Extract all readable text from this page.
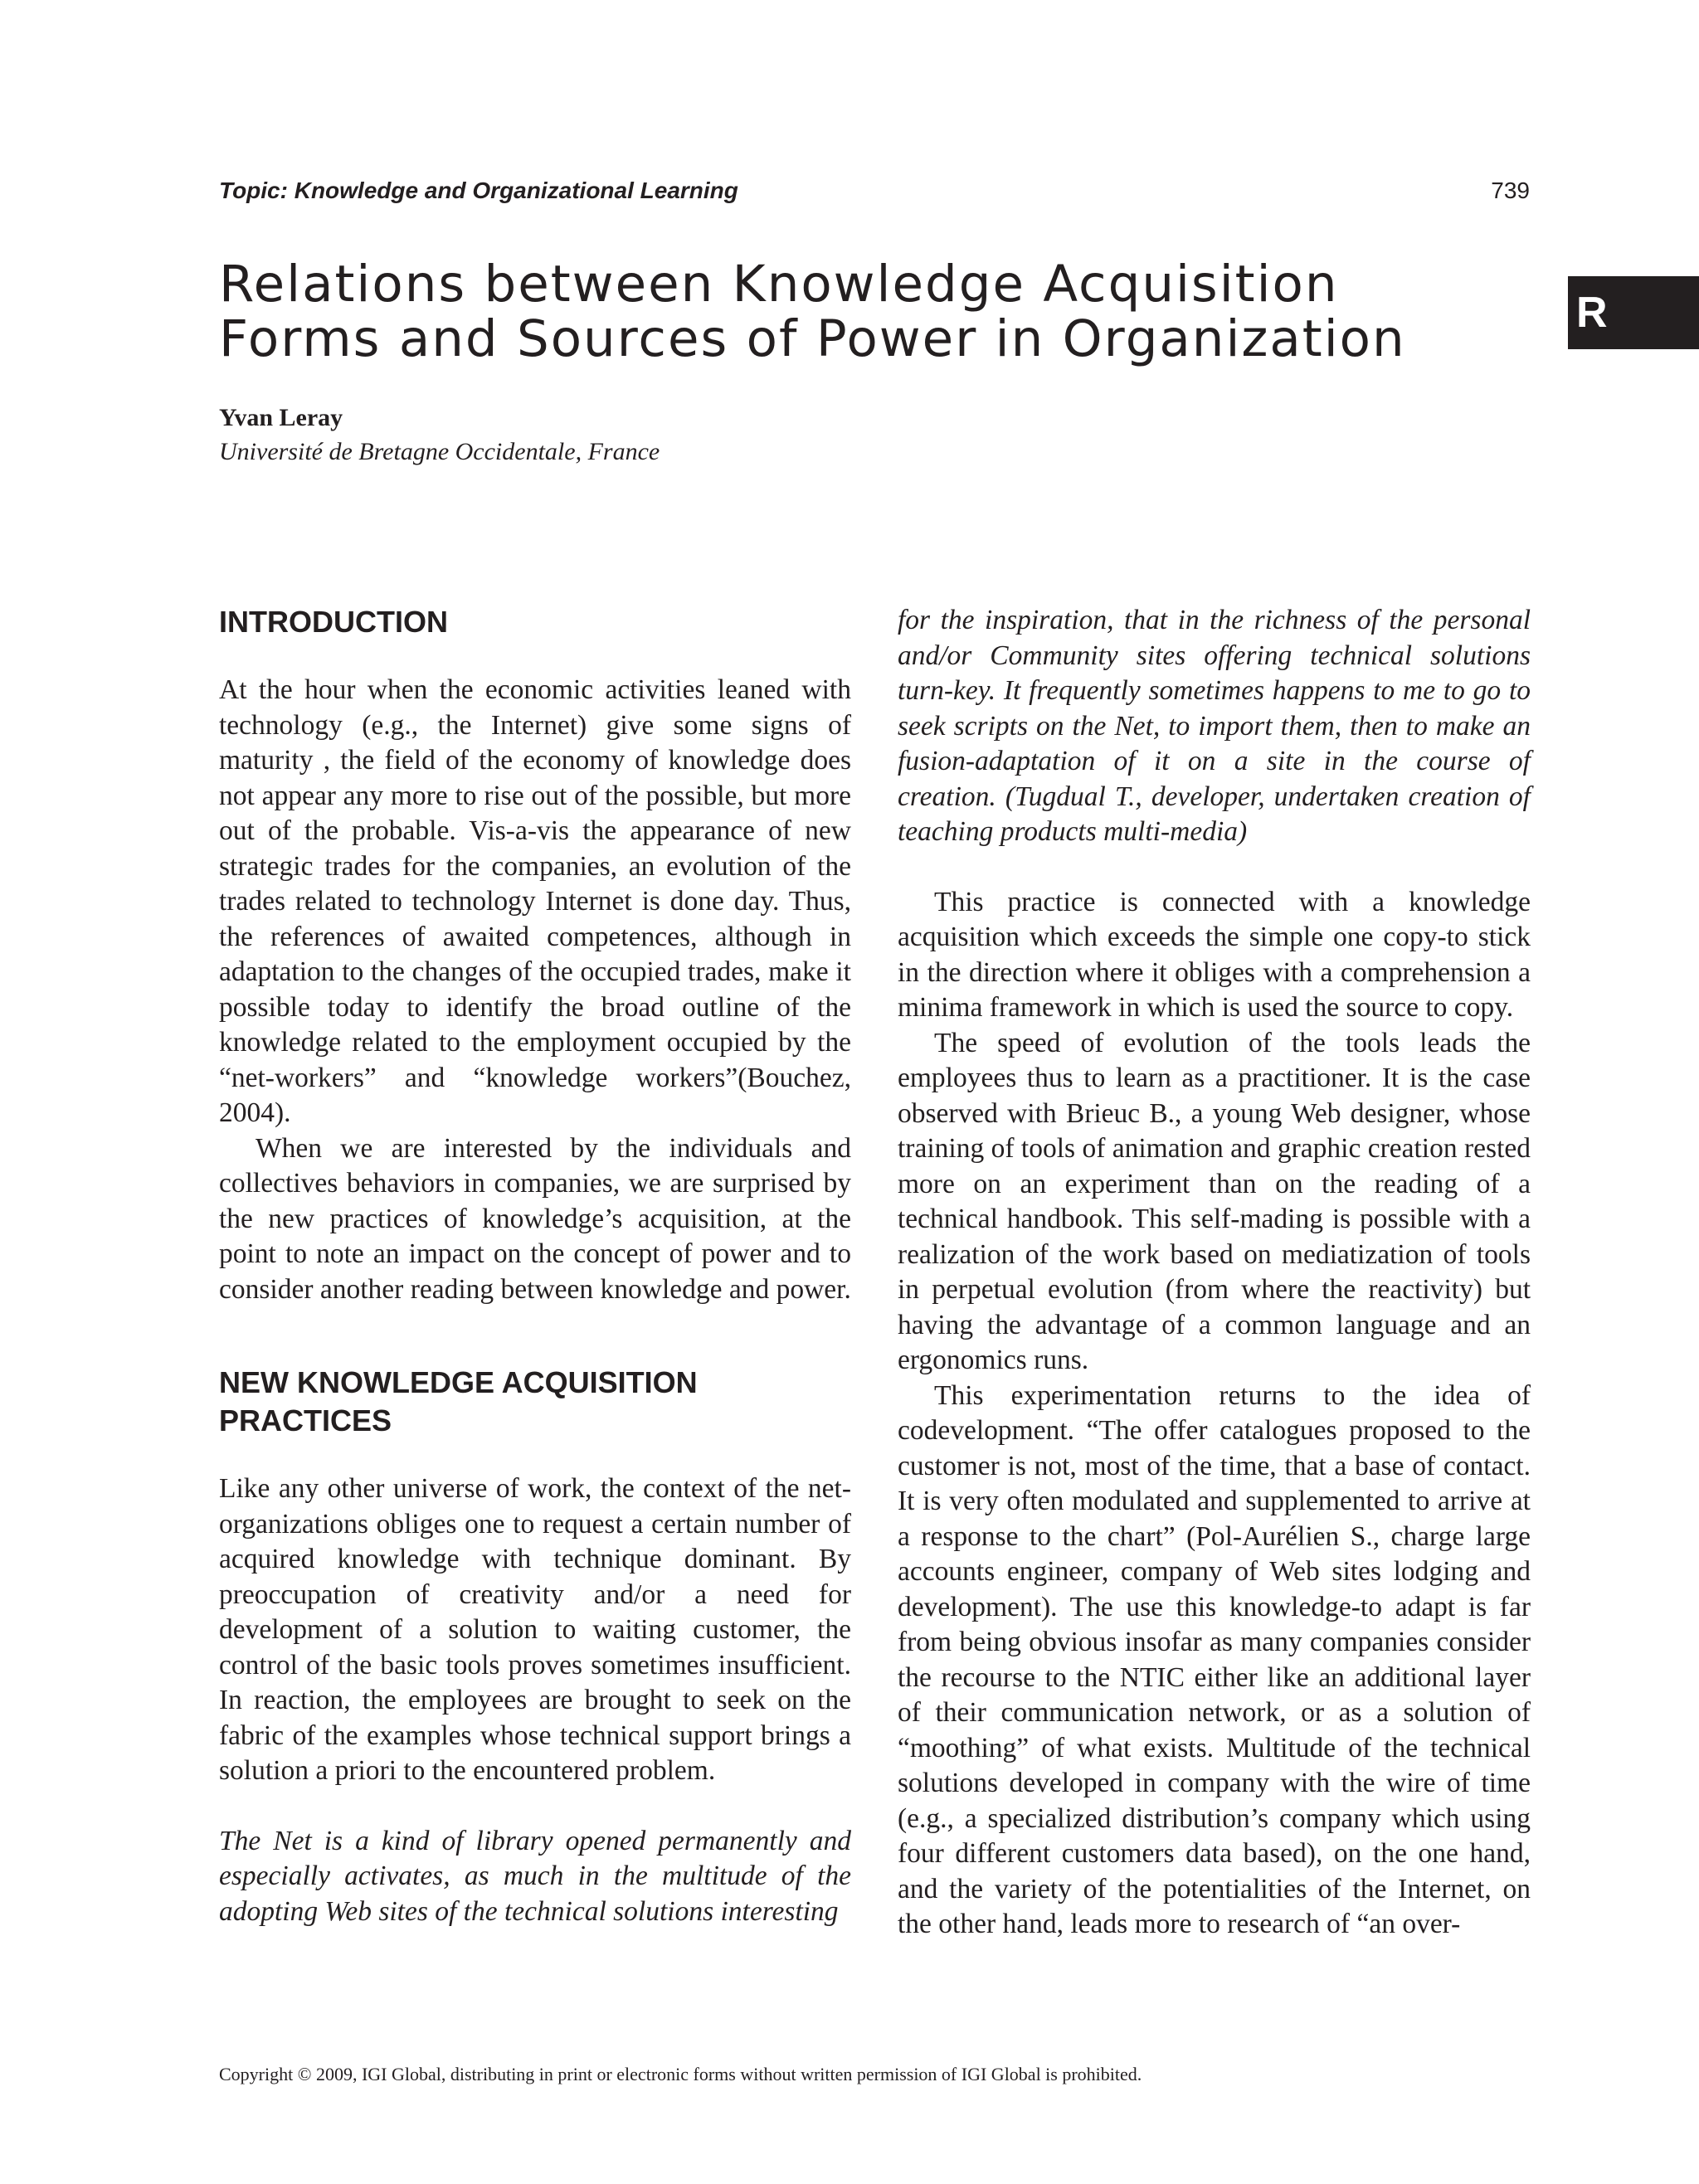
Topic: Knowledge and Organizational Learning	739
R
Relations between Knowledge Acquisition
Forms and Sources of Power in Organization
Yvan Leray
Université de Bretagne Occidentale, France
INTRODUCTION

At the hour when the economic activities leaned with technology (e.g., the Internet) give some signs of maturity , the field of the economy of knowledge does not appear any more to rise out of the possible, but more out of the probable. Vis-a-vis the appearance of new strategic trades for the companies, an evolution of the trades related to technology Internet is done day. Thus, the references of awaited competences, although in adaptation to the changes of the occupied trades, make it possible today to identify the broad outline of the knowledge related to the employment occupied by the “net-workers” and “knowledge workers”(Bouchez, 2004).

When we are interested by the individuals and collectives behaviors in companies, we are surprised by the new practices of knowledge’s acquisition, at the point to note an impact on the concept of power and to consider another reading between knowledge and power.

NEW KNOWLEDGE ACQUISITION
PRACTICES

Like any other universe of work, the context of the net-organizations obliges one to request a certain number of acquired knowledge with technique dominant. By preoccupation of creativity and/or a need for development of a solution to waiting customer, the control of the basic tools proves sometimes insufficient. In reaction, the employees are brought to seek on the fabric of the examples whose technical support brings a solution a priori to the encountered problem.

The Net is a kind of library opened permanently and especially activates, as much in the multitude of the adopting Web sites of the technical solutions interesting

for the inspiration, that in the richness of the personal and/or Community sites offering technical solutions turn-key. It frequently sometimes happens to me to go to seek scripts on the Net, to import them, then to make an fusion-adaptation of it on a site in the course of creation. (Tugdual T., developer, undertaken creation of teaching products multi-media)

This practice is connected with a knowledge acquisition which exceeds the simple one copy-to stick in the direction where it obliges with a comprehension a minima framework in which is used the source to copy.

The speed of evolution of the tools leads the employees thus to learn as a practitioner. It is the case observed with Brieuc B., a young Web designer, whose training of tools of animation and graphic creation rested more on an experiment than on the reading of a technical handbook. This self-mading is possible with a realization of the work based on mediatization of tools in perpetual evolution (from where the reactivity) but having the advantage of a common language and an ergonomics runs.

This experimentation returns to the idea of codevelopment. “The offer catalogues proposed to the customer is not, most of the time, that a base of contact. It is very often modulated and supplemented to arrive at a response to the chart” (Pol-Aurélien S., charge large accounts engineer, company of Web sites lodging and development). The use this knowledge-to adapt is far from being obvious insofar as many companies consider the recourse to the NTIC either like an additional layer of their communication network, or as a solution of “moothing” of what exists. Multitude of the technical solutions developed in company with the wire of time (e.g., a specialized distribution’s company which using four different customers data based), on the one hand, and the variety of the potentialities of the Internet, on the other hand, leads more to research of “an over-

Copyright © 2009, IGI Global, distributing in print or electronic forms without written permission of IGI Global is prohibited.
